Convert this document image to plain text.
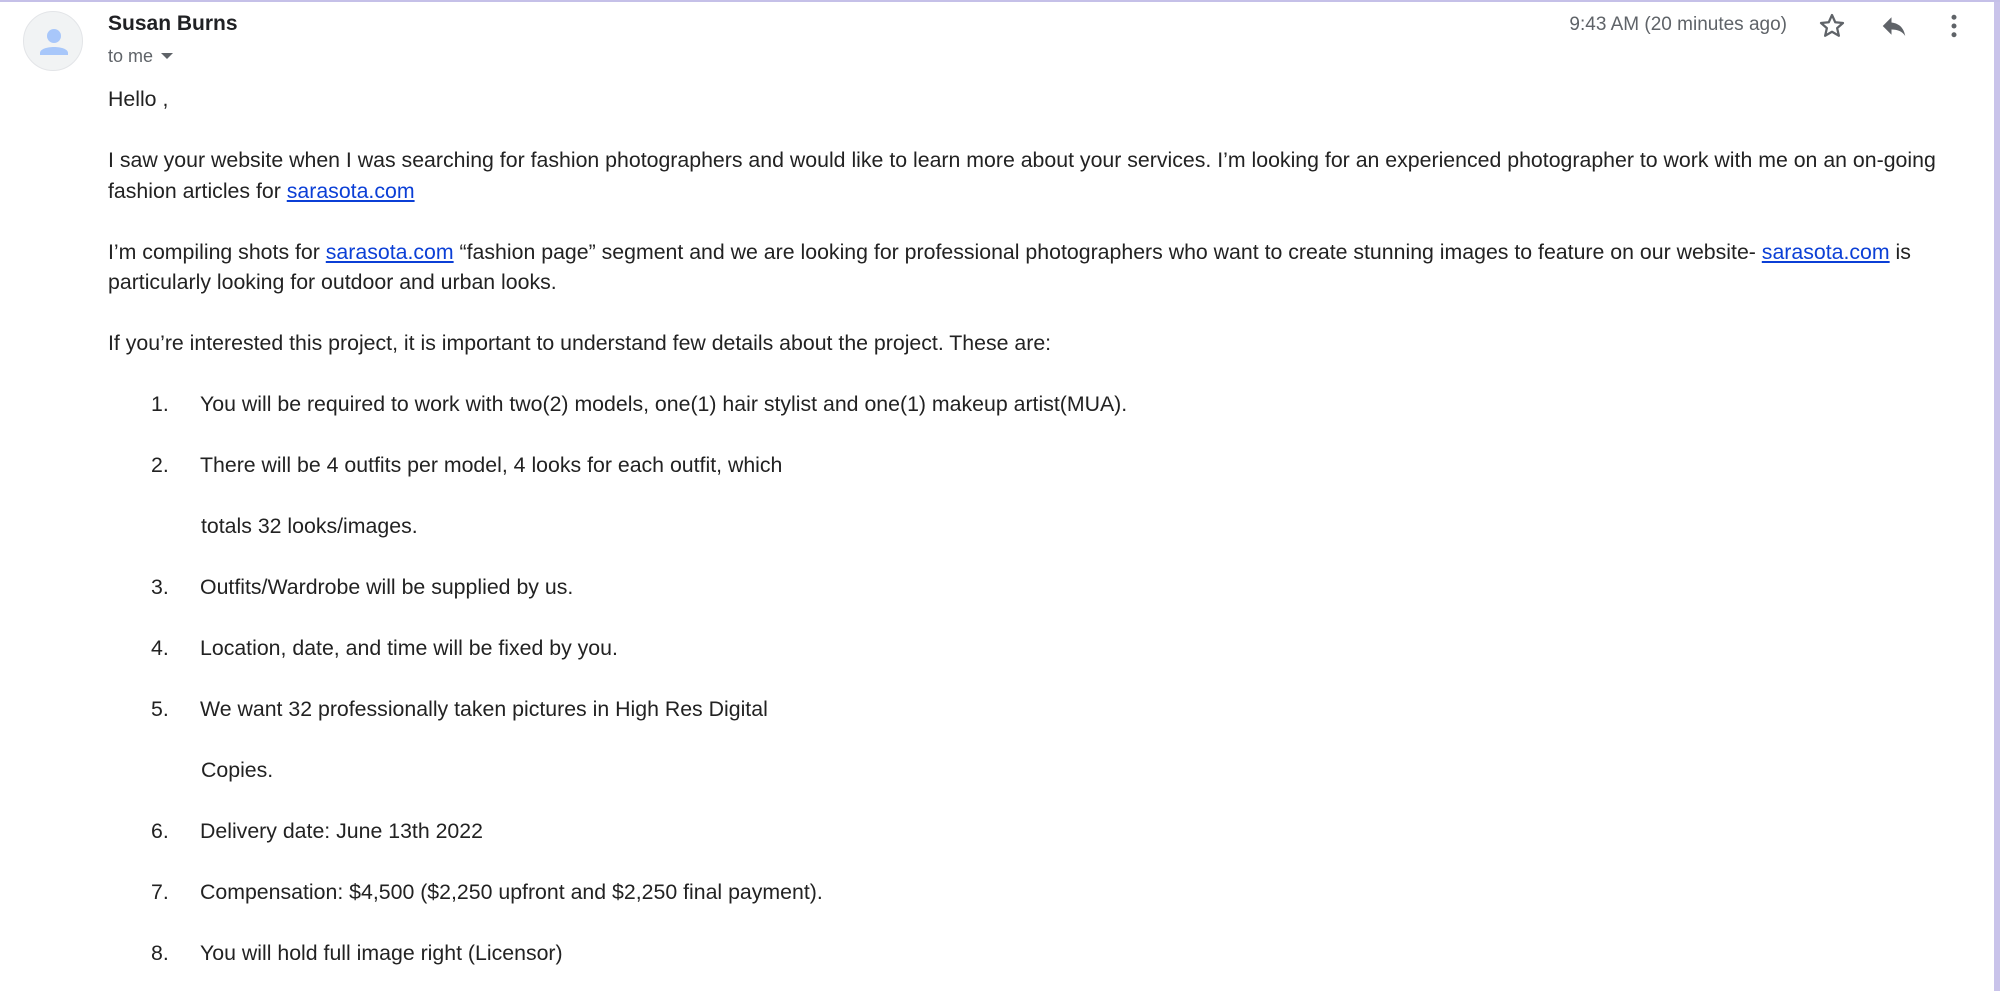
Susan Burns
to me
9:43 AM (20 minutes ago)

Hello ,

I saw your website when I was searching for fashion photographers and would like to learn more about your services. I’m looking for an experienced photographer to work with me on an on-going fashion articles for sarasota.com

I’m compiling shots for sarasota.com “fashion page” segment and we are looking for professional photographers who want to create stunning images to feature on our website- sarasota.com is particularly looking for outdoor and urban looks.

If you’re interested this project, it is important to understand few details about the project. These are:

1. You will be required to work with two(2) models, one(1) hair stylist and one(1) makeup artist(MUA).
2. There will be 4 outfits per model, 4 looks for each outfit, which
totals 32 looks/images.
3. Outfits/Wardrobe will be supplied by us.
4. Location, date, and time will be fixed by you.
5. We want 32 professionally taken pictures in High Res Digital
Copies.
6. Delivery date: June 13th 2022
7. Compensation: $4,500 ($2,250 upfront and $2,250 final payment).
8. You will hold full image right (Licensor)
